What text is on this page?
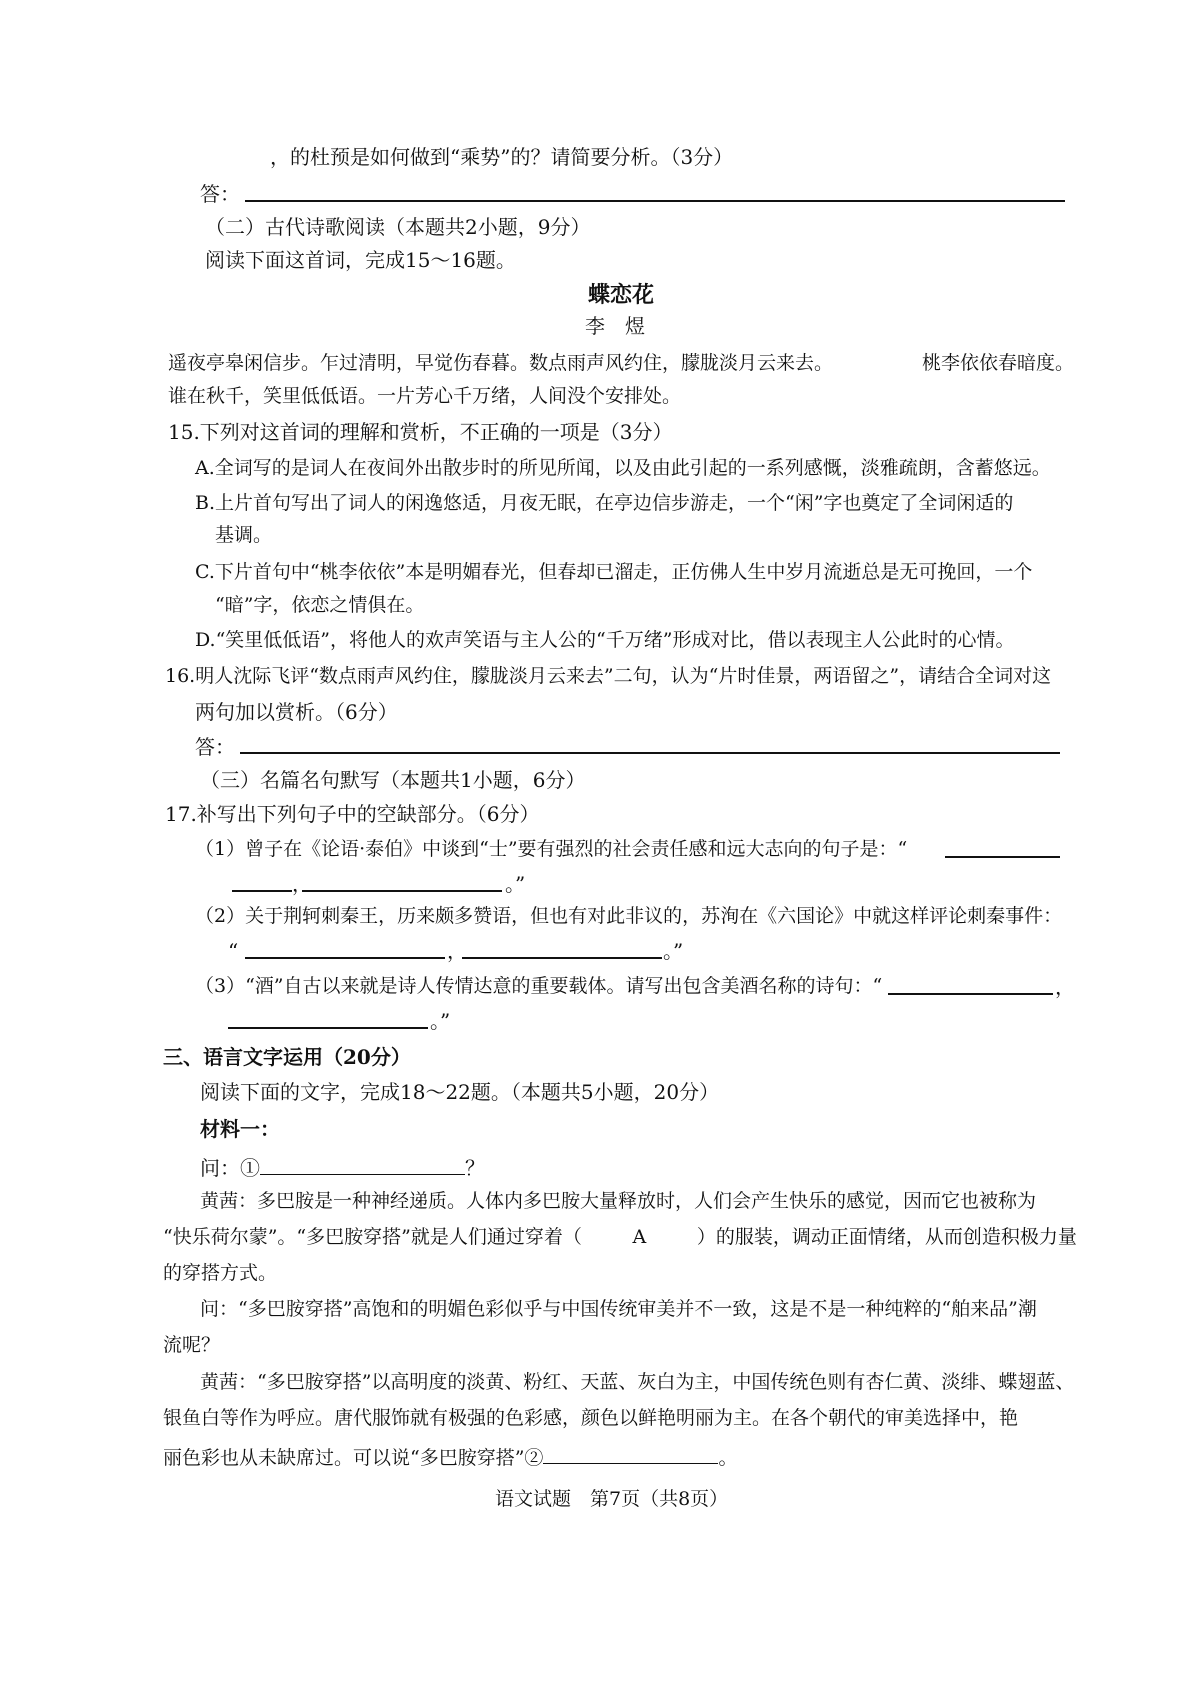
，的杜预是如何做到“乘势”的？请简要分析。（3分）
答：
（二）古代诗歌阅读（本题共2小题，9分）
阅读下面这首词，完成15～16题。
蝶恋花
李　煜
遥夜亭皋闲信步。乍过清明，早觉伤春暮。数点雨声风约住，朦胧淡月云来去。	桃李依依春暗度。
谁在秋千，笑里低低语。一片芳心千万绪，人间没个安排处。
15.下列对这首词的理解和赏析，不正确的一项是（3分）
A.全词写的是词人在夜间外出散步时的所见所闻，以及由此引起的一系列感慨，淡雅疏朗，含蓄悠远。
B.上片首句写出了词人的闲逸悠适，月夜无眠，在亭边信步游走，一个“闲”字也奠定了全词闲适的
基调。
C.下片首句中“桃李依依”本是明媚春光，但春却已溜走，正仿佛人生中岁月流逝总是无可挽回，一个
“暗”字，依恋之情俱在。
D.“笑里低低语”，将他人的欢声笑语与主人公的“千万绪”形成对比，借以表现主人公此时的心情。
16.明人沈际飞评“数点雨声风约住，朦胧淡月云来去”二句，认为“片时佳景，两语留之”，请结合全词对这
两句加以赏析。（6分）
答：
（三）名篇名句默写（本题共1小题，6分）
17.补写出下列句子中的空缺部分。（6分）
（1）曾子在《论语·泰伯》中谈到“士”要有强烈的社会责任感和远大志向的句子是：“
，	。”
（2）关于荆轲刺秦王，历来颇多赞语，但也有对此非议的，苏洵在《六国论》中就这样评论刺秦事件：
“	，	。”
（3）“酒”自古以来就是诗人传情达意的重要载体。请写出包含美酒名称的诗句：“	，
。”
三、语言文字运用（20分）
阅读下面的文字，完成18～22题。（本题共5小题，20分）
材料一：
问：①	？
黄茜：多巴胺是一种神经递质。人体内多巴胺大量释放时，人们会产生快乐的感觉，因而它也被称为
“快乐荷尔蒙”。“多巴胺穿搭”就是人们通过穿着（	A	）的服装，调动正面情绪，从而创造积极力量
的穿搭方式。
问：“多巴胺穿搭”高饱和的明媚色彩似乎与中国传统审美并不一致，这是不是一种纯粹的“舶来品”潮
流呢？
黄茜：“多巴胺穿搭”以高明度的淡黄、粉红、天蓝、灰白为主，中国传统色则有杏仁黄、淡绯、蝶翅蓝、
银鱼白等作为呼应。唐代服饰就有极强的色彩感，颜色以鲜艳明丽为主。在各个朝代的审美选择中，艳
丽色彩也从未缺席过。可以说“多巴胺穿搭”②	。
语文试题　第7页（共8页）
